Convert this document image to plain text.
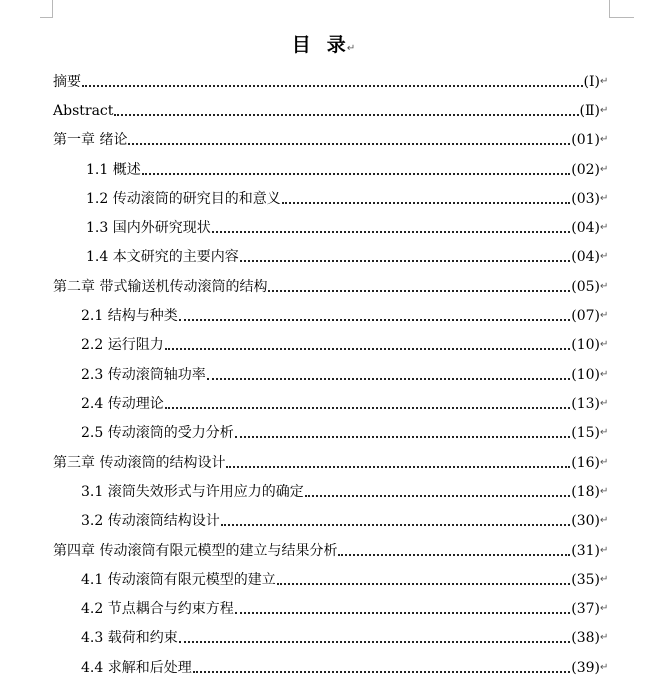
目 录↵
摘要	(Ⅰ) ↵
Abstract	(Ⅱ) ↵
第一章 绪论	(01) ↵
1.1 概述	(02) ↵
1.2 传动滚筒的研究目的和意义	(03) ↵
1.3 国内外研究现状	(04) ↵
1.4 本文研究的主要内容	(04) ↵
第二章 带式输送机传动滚筒的结构	(05) ↵
2.1 结构与种类	(07) ↵
2.2 运行阻力	(10) ↵
2.3 传动滚筒轴功率	(10) ↵
2.4 传动理论	(13) ↵
2.5 传动滚筒的受力分析	(15) ↵
第三章 传动滚筒的结构设计	(16) ↵
3.1 滚筒失效形式与许用应力的确定	(18) ↵
3.2 传动滚筒结构设计	(30) ↵
第四章 传动滚筒有限元模型的建立与结果分析	(31) ↵
4.1 传动滚筒有限元模型的建立	(35) ↵
4.2 节点耦合与约束方程	(37) ↵
4.3 载荷和约束	(38) ↵
4.4 求解和后处理	(39) ↵
